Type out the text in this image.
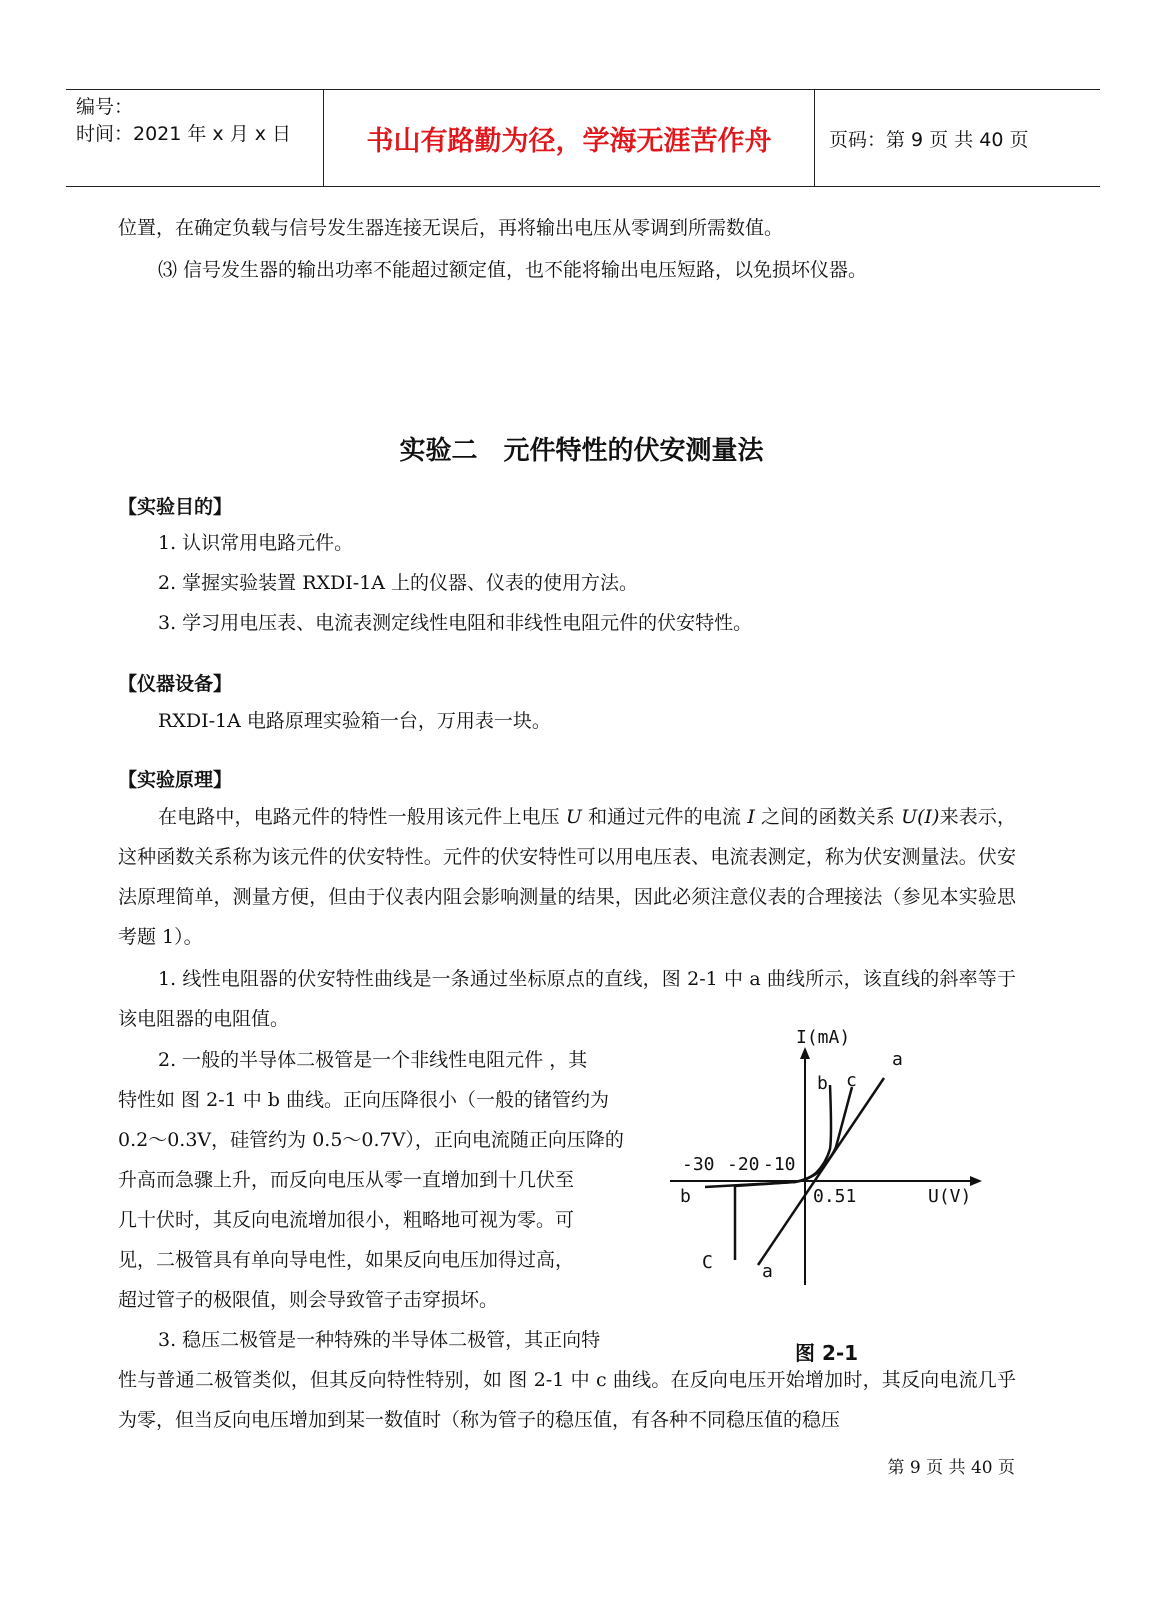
编号：
时间：2021 年 x 月 x 日	书山有路勤为径，学海无涯苦作舟	页码：第 9 页 共 40 页
位置，在确定负载与信号发生器连接无误后，再将输出电压从零调到所需数值。
⑶ 信号发生器的输出功率不能超过额定值，也不能将输出电压短路，以免损坏仪器。
实验二　元件特性的伏安测量法
【实验目的】
1. 认识常用电路元件。
2. 掌握实验装置 RXDI-1A 上的仪器、仪表的使用方法。
3. 学习用电压表、电流表测定线性电阻和非线性电阻元件的伏安特性。
【仪器设备】
RXDI-1A 电路原理实验箱一台，万用表一块。
【实验原理】
在电路中，电路元件的特性一般用该元件上电压 U 和通过元件的电流 I 之间的函数关系 U(I)来表示，这种函数关系称为该元件的伏安特性。元件的伏安特性可以用电压表、电流表测定，称为伏安测量法。伏安法原理简单，测量方便，但由于仪表内阻会影响测量的结果，因此必须注意仪表的合理接法（参见本实验思考题 1）。
1. 线性电阻器的伏安特性曲线是一条通过坐标原点的直线，图 2-1 中 a 曲线所示，该直线的斜率等于该电阻器的电阻值。
2. 一般的半导体二极管是一个非线性电阻元件 ，其
特性如 图 2-1 中 b 曲线。正向压降很小（一般的锗管约为
0.2～0.3V，硅管约为 0.5～0.7V），正向电流随正向压降的
升高而急骤上升，而反向电压从零一直增加到十几伏至
几十伏时，其反向电流增加很小，粗略地可视为零。可
见，二极管具有单向导电性，如果反向电压加得过高，
超过管子的极限值，则会导致管子击穿损坏。
3. 稳压二极管是一种特殊的半导体二极管，其正向特
性与普通二极管类似，但其反向特性特别，如 图 2-1 中 c 曲线。在反向电压开始增加时，其反向电流几乎为零，但当反向电压增加到某一数值时（称为管子的稳压值，有各种不同稳压值的稳压
I(mA)
U(V)
-30 -20 -10
0.51
a
b c
b
C	a
图 2-1
第 9 页 共 40 页
